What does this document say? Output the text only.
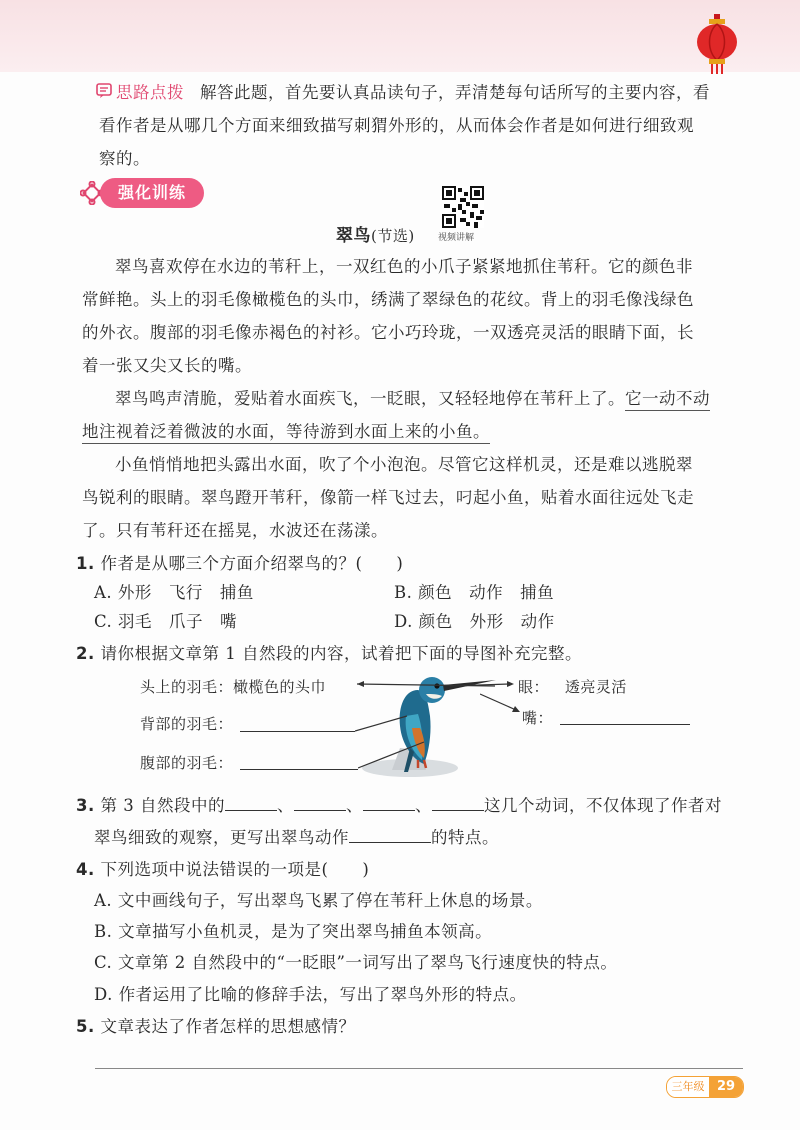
思路点拨 解答此题，首先要认真品读句子，弄清楚每句话所写的主要内容，看
看作者是从哪几个方面来细致描写刺猬外形的，从而体会作者是如何进行细致观
察的。
强化训练
视频讲解
翠鸟(节选)
翠鸟喜欢停在水边的苇秆上，一双红色的小爪子紧紧地抓住苇秆。它的颜色非
常鲜艳。头上的羽毛像橄榄色的头巾，绣满了翠绿色的花纹。背上的羽毛像浅绿色
的外衣。腹部的羽毛像赤褐色的衬衫。它小巧玲珑，一双透亮灵活的眼睛下面，长
着一张又尖又长的嘴。
翠鸟鸣声清脆，爱贴着水面疾飞，一眨眼，又轻轻地停在苇秆上了。它一动不动
地注视着泛着微波的水面，等待游到水面上来的小鱼。
小鱼悄悄地把头露出水面，吹了个小泡泡。尽管它这样机灵，还是难以逃脱翠
鸟锐利的眼睛。翠鸟蹬开苇秆，像箭一样飞过去，叼起小鱼，贴着水面往远处飞走
了。只有苇秆还在摇晃，水波还在荡漾。
1. 作者是从哪三个方面介绍翠鸟的？(　　)
A. 外形　飞行　捕鱼	B. 颜色　动作　捕鱼
C. 羽毛　爪子　嘴	D. 颜色　外形　动作
2. 请你根据文章第 1 自然段的内容，试着把下面的导图补充完整。
头上的羽毛：橄榄色的头巾	眼： 透亮灵活
嘴：
背部的羽毛：
腹部的羽毛：
3. 第 3 自然段中的	、	、	、	这几个动词，不仅体现了作者对
翠鸟细致的观察，更写出翠鸟动作	的特点。
4. 下列选项中说法错误的一项是(　　)
A. 文中画线句子，写出翠鸟飞累了停在苇秆上休息的场景。
B. 文章描写小鱼机灵，是为了突出翠鸟捕鱼本领高。
C. 文章第 2 自然段中的“一眨眼”一词写出了翠鸟飞行速度快的特点。
D. 作者运用了比喻的修辞手法，写出了翠鸟外形的特点。
5. 文章表达了作者怎样的思想感情？
三年级 29
